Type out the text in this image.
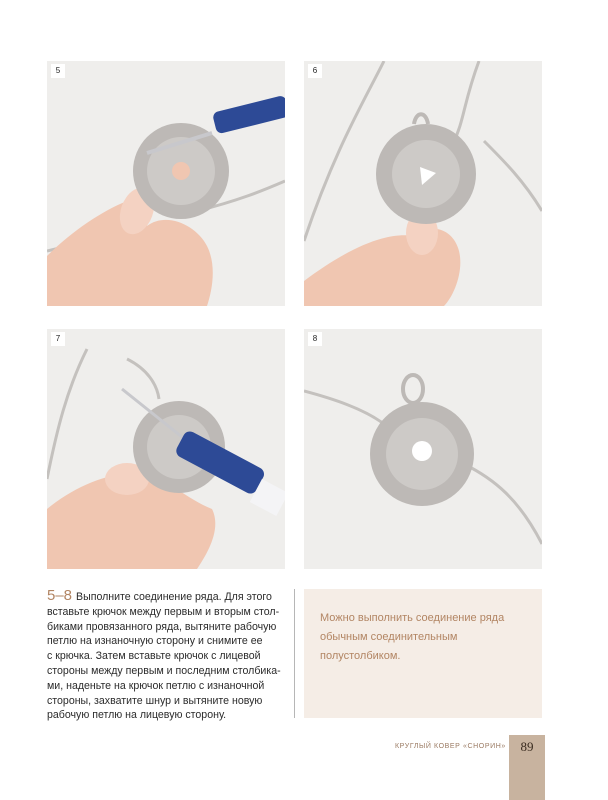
5	6
7	8
5–8 Выполните соединение ряда. Для этого
вставьте крючок между первым и вторым стол-
биками провязанного ряда, вытяните рабочую
петлю на изнаночную сторону и снимите ее
с крючка. Затем вставьте крючок с лицевой
стороны между первым и последним столбика-
ми, наденьте на крючок петлю с изнаночной
стороны, захватите шнур и вытяните новую
рабочую петлю на лицевую сторону.
Можно выполнить соединение ряда
обычным соединительным
полустолбиком.
КРУГЛЫЙ КОВЕР «СНОРИН»	89
